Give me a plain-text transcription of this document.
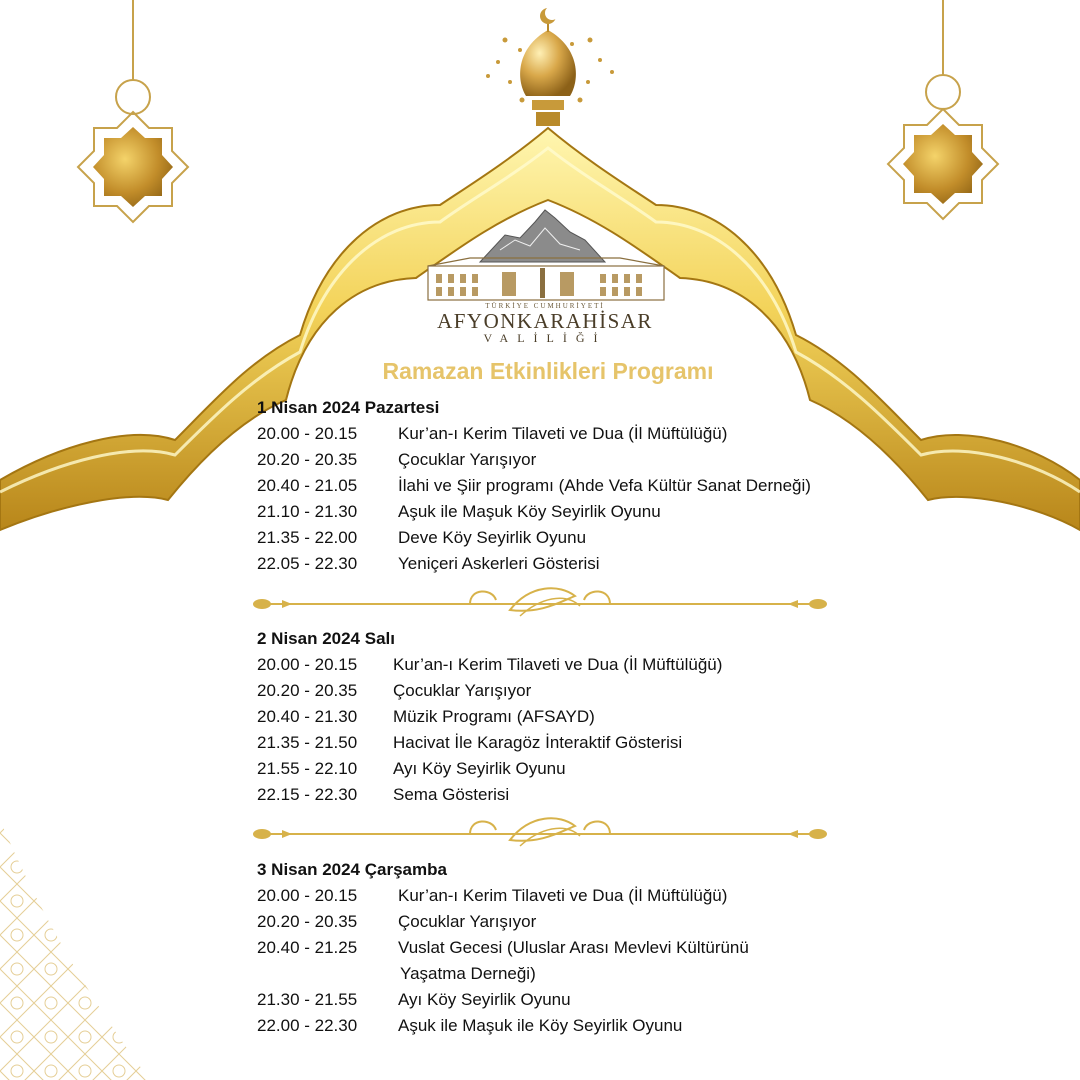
TÜRKİYE CUMHURİYETİ
AFYONKARAHİSAR
VALİLİĞİ
Ramazan Etkinlikleri Programı
1 Nisan 2024 Pazartesi
20.00 - 20.15 Kur’an-ı Kerim Tilaveti ve Dua (İl Müftülüğü)
20.20 - 20.35 Çocuklar Yarışıyor
20.40 - 21.05 İlahi ve Şiir programı (Ahde Vefa Kültür Sanat Derneği)
21.10 - 21.30 Aşuk ile Maşuk Köy Seyirlik Oyunu
21.35 - 22.00 Deve Köy Seyirlik Oyunu
22.05 - 22.30 Yeniçeri Askerleri Gösterisi
2 Nisan 2024 Salı
20.00 - 20.15 Kur’an-ı Kerim Tilaveti ve Dua (İl Müftülüğü)
20.20 - 20.35 Çocuklar Yarışıyor
20.40 - 21.30 Müzik Programı (AFSAYD)
21.35 - 21.50 Hacivat İle Karagöz İnteraktif Gösterisi
21.55 - 22.10 Ayı Köy Seyirlik Oyunu
22.15 - 22.30 Sema Gösterisi
3 Nisan 2024 Çarşamba
20.00 - 20.15 Kur’an-ı Kerim Tilaveti ve Dua (İl Müftülüğü)
20.20 - 20.35 Çocuklar Yarışıyor
20.40 - 21.25 Vuslat Gecesi (Uluslar Arası Mevlevi Kültürünü
Yaşatma Derneği)
21.30 - 21.55 Ayı Köy Seyirlik Oyunu
22.00 - 22.30 Aşuk ile Maşuk ile Köy Seyirlik Oyunu
